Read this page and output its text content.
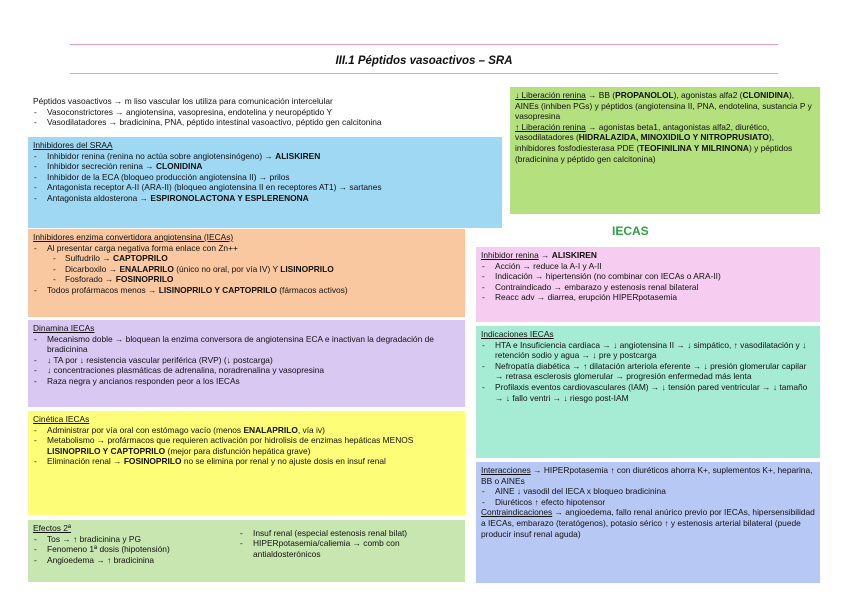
III.1 Péptidos vasoactivos – SRA

Péptidos vasoactivos → m liso vascular los utiliza para comunicación intercelular

- Vasoconstrictores → angiotensina, vasopresina, endotelina y neuropéptido Y
- Vasodilatadores → bradicinina, PNA, péptido intestinal vasoactivo, péptido gen calcitonina

Inhibidores del SRAA

- Inhibidor renina (renina no actúa sobre angiotensinógeno) → ALISKIREN
- Inhibidor secreción renina → CLONIDINA
- Inhibidor de la ECA (bloqueo producción angiotensina II) → prilos
- Antagonista receptor A-II (ARA-II) (bloqueo angiotensina II en receptores AT1) → sartanes
- Antagonista aldosterona → ESPIRONOLACTONA Y ESPLERENONA

Inhibidores enzima convertidora angiotensina (IECAs)

- Al presentar carga negativa forma enlace con Zn++
- Sulfudrilo → CAPTOPRILO
- Dicarboxilo → ENALAPRILO (único no oral, por vía IV) Y LISINOPRILO
- Fosforado → FOSINOPRILO
- Todos profármacos menos → LISINOPRILO Y CAPTOPRILO (fármacos activos)

Dinamina IECAs

- Mecanismo doble → bloquean la enzima conversora de angiotensina ECA e inactivan la degradación de bradicinina
- ↓ TA por ↓ resistencia vascular periférica (RVP) (↓ postcarga)
- ↓ concentraciones plasmáticas de adrenalina, noradrenalina y vasopresina
- Raza negra y ancianos responden peor a los IECAs

Cinética IECAs

- Administrar por vía oral con estómago vacío (menos ENALAPRILO, vía iv)
- Metabolismo → profármacos que requieren activación por hidrolisis de enzimas hepáticas MENOS LISINOPRILO Y CAPTOPRILO (mejor para disfunción hepática grave)
- Eliminación renal → FOSINOPRILO no se elimina por renal y no ajuste dosis en insuf renal

Efectos 2ª

- Tos → ↑ bradicinina y PG
- Fenomeno 1ª dosis (hipotensión)
- Angioedema → ↑ bradicinina
- Insuf renal (especial estenosis renal bilat)
- HIPERpotasemia/caliemia → comb con antialdosterónicos

↓ Liberación renina → BB (PROPANOLOL), agonistas alfa2 (CLONIDINA), AINEs (inhiben PGs) y péptidos (angiotensina II, PNA, endotelina, sustancia P y vasopresina

↑ Liberación renina → agonistas beta1, antagonistas alfa2, diurético, vasodilatadores (HIDRALAZIDA, MINOXIDILO Y NITROPRUSIATO), inhibidores fosfodiesterasa PDE (TEOFINILINA Y MILRINONA) y péptidos (bradicinina y péptido gen calcitonina)

IECAS

Inhibidor renina → ALISKIREN

- Acción → reduce la A-I y A-II
- Indicación → hipertensión (no combinar con IECAs o ARA-II)
- Contraindicado → embarazo y estenosis renal bilateral
- Reacc adv → diarrea, erupción HIPERpotasemia

Indicaciones IECAs

- HTA e Insuficiencia cardiaca → ↓ angiotensina II → ↓ simpático, ↑ vasodilatación y ↓ retención sodio y agua → ↓ pre y postcarga
- Nefropatía diabética → ↑ dilatación arteriola eferente → ↓ presión glomerular capilar → retrasa esclerosis glomerular → progresión enfermedad más lenta
- Profilaxis eventos cardiovasculares (IAM) → ↓ tensión pared ventricular → ↓ tamaño → ↓ fallo ventri → ↓ riesgo post-IAM

Interacciones → HIPERpotasemia ↑ con diuréticos ahorra K+, suplementos K+, heparina, BB o AINEs

- AINE ↓ vasodil del IECA x bloqueo bradicinina
- Diuréticos ↑ efecto hipotensor

Contraindicaciones → angioedema, fallo renal anúrico previo por IECAs, hipersensibilidad a IECAs, embarazo (teratógenos), potasio sérico ↑ y estenosis arterial bilateral (puede producir insuf renal aguda)
